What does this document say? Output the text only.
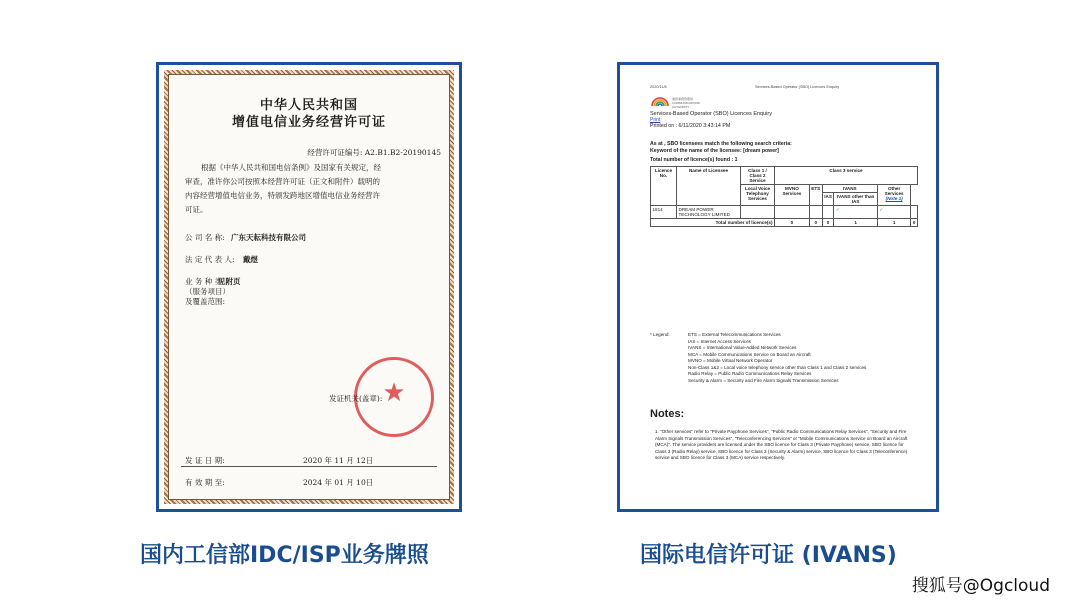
中华人民共和国
增值电信业务经营许可证
经营许可证编号: A2.B1.B2-20190145
根据《中华人民共和国电信条例》及国家有关规定，经
审查，准许你公司按照本经营许可证（正文和附件）载明的
内容经营增值电信业务，特颁发跨地区增值电信业务经营许
可证。
公 司 名 称: 广东天耘科技有限公司
法 定 代 表 人: 戴煜
业 务 种 类
（服务项目）
及覆盖范围:
见附页
★
发证机关(盖章):
发 证 日 期:	2020 年 11 月 12日
有 效 期 至:	2024 年 01 月 10日
2020/11/6	Services-Based Operator (SBO) Licences Enquiry
通訊事務管理局 COMMUNICATIONS AUTHORITY
Services-Based Operator (SBO) Licences Enquiry
Print
Printed on : 6/11/2020 3:43:14 PM
As at , SBO licensees match the following search criteria:
Keyword of the name of the licensee: [dream power]
Total number of licence(s) found : 1
Licence No.	Name of Licensee	Class 1 / Class 2 Service	Class 3 service					
		Local Voice Telephony Services	MVNO Services	ETS	IVANS		Other Services
(Note 1)	
					IAS	IVANS other than IAS		
1814	DREAM POWER TECHNOLOGY LIMITED					✓	✓	
Total number of licence(s)			0	0	0	1	1	0
* Legend:	ETS = External Telecommunications Services
IAS = Internet Access Services
IVANS = International Value-Added Network Services
MCA = Mobile Communications Service on Board an Aircraft
MVNO = Mobile Virtual Network Operator
Non-Class 1&2 = Local voice telephony service other than Class 1 and Class 2 services
Radio Relay = Public Radio Communications Relay Services
Security & Alarm = Security and Fire Alarm Signals Transmission Services
Notes:
1. "Other services" refer to "Private Payphone Services", "Public Radio Communications Relay Services", "Security and Fire Alarm Signals Transmission Services", "Teleconferencing Services" or "Mobile Communications Service on Board an Aircraft (MCA)". The service providers are licensed under the SBO licence for Class 3 (Private Payphone) service, SBO licence for Class 3 (Radio Relay) service, SBO licence for Class 3 (Security & Alarm) service, SBO licence for Class 3 (Teleconference) service and SBO licence for Class 3 (MCA) service respectively.
国内工信部IDC/ISP业务牌照	国际电信许可证 (IVANS)
搜狐号@Ogcloud
